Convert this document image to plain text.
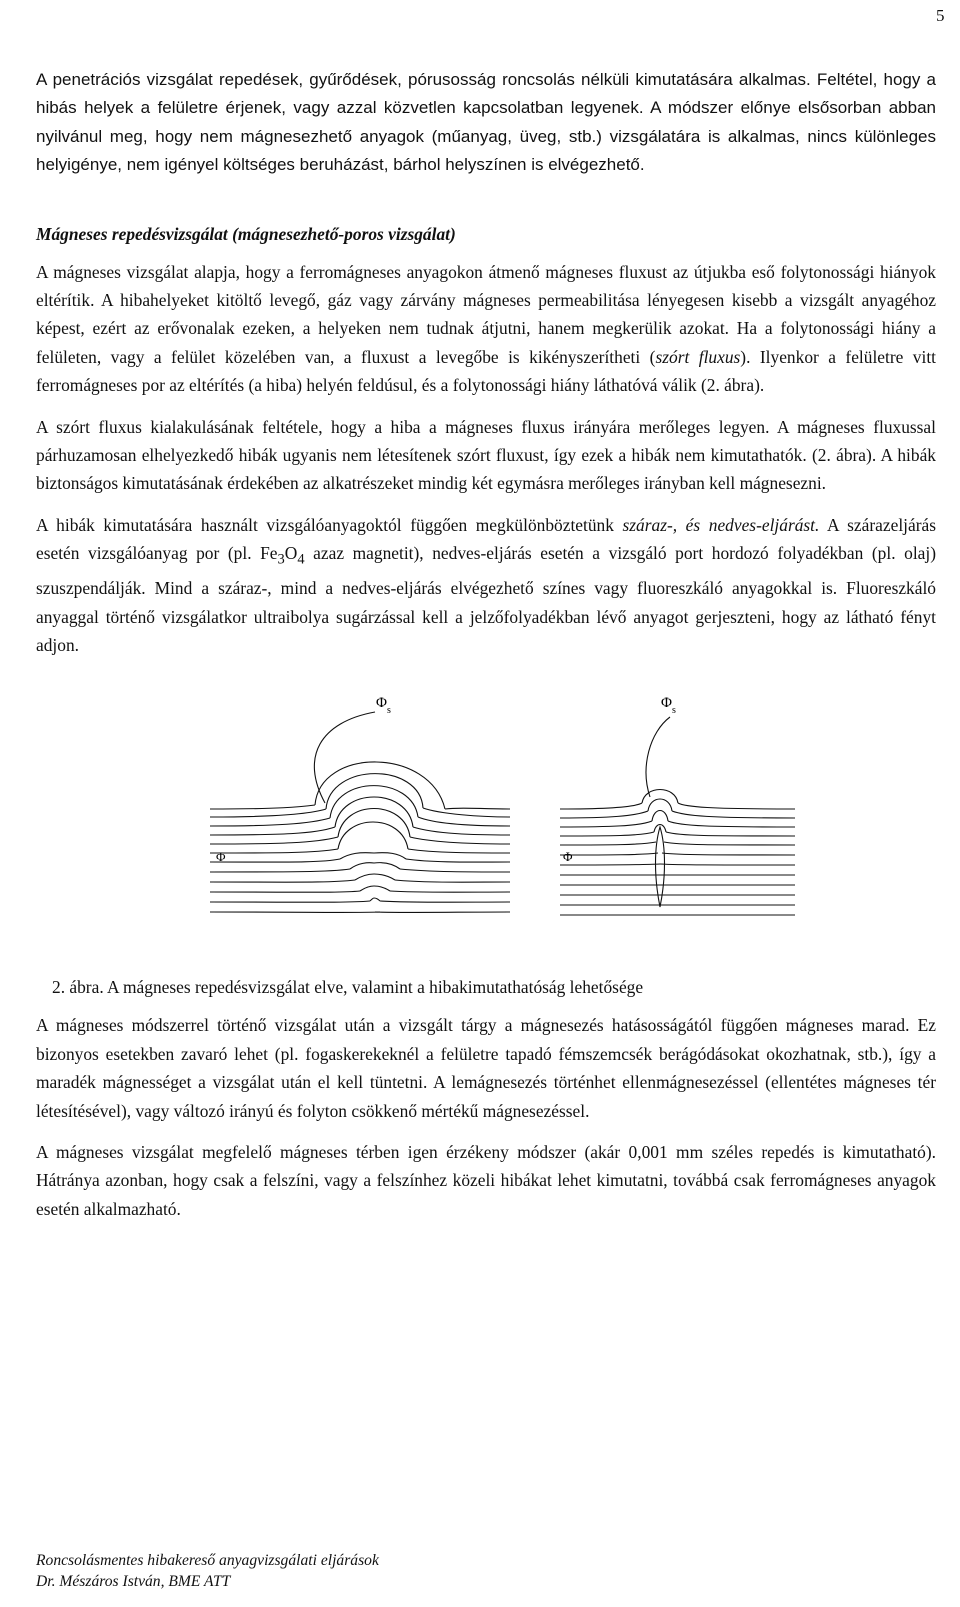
5

A penetrációs vizsgálat repedések, gyűrődések, pórusosság roncsolás nélküli kimutatására alkalmas. Feltétel, hogy a hibás helyek a felületre érjenek, vagy azzal közvetlen kapcsolatban legyenek. A módszer előnye elsősorban abban nyilvánul meg, hogy nem mágnesezhető anyagok (műanyag, üveg, stb.) vizsgálatára is alkalmas, nincs különleges helyigénye, nem igényel költséges beruházást, bárhol helyszínen is elvégezhető.

Mágneses repedésvizsgálat (mágnesezhető-poros vizsgálat)

A mágneses vizsgálat alapja, hogy a ferromágneses anyagokon átmenő mágneses fluxust az útjukba eső folytonossági hiányok eltérítik. A hibahelyeket kitöltő levegő, gáz vagy zárvány mágneses permeabilitása lényegesen kisebb a vizsgált anyagéhoz képest, ezért az erővonalak ezeken, a helyeken nem tudnak átjutni, hanem megkerülik azokat. Ha a folytonossági hiány a felületen, vagy a felület közelében van, a fluxust a levegőbe is kikényszerítheti (szórt fluxus). Ilyenkor a felületre vitt ferromágneses por az eltérítés (a hiba) helyén feldúsul, és a folytonossági hiány láthatóvá válik (2. ábra).

A szórt fluxus kialakulásának feltétele, hogy a hiba a mágneses fluxus irányára merőleges legyen. A mágneses fluxussal párhuzamosan elhelyezkedő hibák ugyanis nem létesítenek szórt fluxust, így ezek a hibák nem kimutathatók. (2. ábra). A hibák biztonságos kimutatásának érdekében az alkatrészeket mindig két egymásra merőleges irányban kell mágnesezni.

A hibák kimutatására használt vizsgálóanyagoktól függően megkülönböztetünk száraz-, és nedves-eljárást. A szárazeljárás esetén vizsgálóanyag por (pl. $Fe_3O_4$ azaz magnetit), nedves-eljárás esetén a vizsgáló port hordozó folyadékban (pl. olaj) szuszpendálják. Mind a száraz-, mind a nedves-eljárás elvégezhető színes vagy fluoreszkáló anyagokkal is. Fluoreszkáló anyaggal történő vizsgálatkor ultraibolya sugárzással kell a jelzőfolyadékban lévő anyagot gerjeszteni, hogy az látható fényt adjon.

Φ s	Φ s
Φ	Φ
2. ábra. A mágneses repedésvizsgálat elve, valamint a hibakimutathatóság lehetősége

A mágneses módszerrel történő vizsgálat után a vizsgált tárgy a mágnesezés hatásosságától függően mágneses marad. Ez bizonyos esetekben zavaró lehet (pl. fogaskerekeknél a felületre tapadó fémszemcsék berágódásokat okozhatnak, stb.), így a maradék mágnességet a vizsgálat után el kell tüntetni. A lemágnesezés történhet ellenmágnesezéssel (ellentétes mágneses tér létesítésével), vagy változó irányú és folyton csökkenő mértékű mágnesezéssel.

A mágneses vizsgálat megfelelő mágneses térben igen érzékeny módszer (akár 0,001 mm széles repedés is kimutatható). Hátránya azonban, hogy csak a felszíni, vagy a felszínhez közeli hibákat lehet kimutatni, továbbá csak ferromágneses anyagok esetén alkalmazható.

Roncsolásmentes hibakereső anyagvizsgálati eljárások
Dr. Mészáros István, BME ATT
